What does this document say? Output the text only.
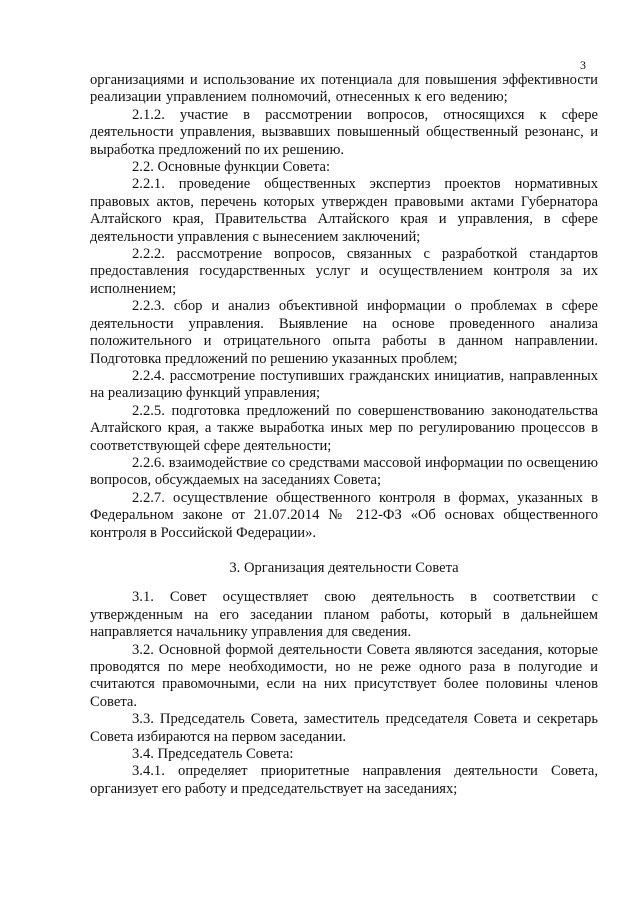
3

организациями и использование их потенциала для повышения эффективности реализации управлением полномочий, отнесенных к его ведению;

2.1.2. участие в рассмотрении вопросов, относящихся к сфере деятельности управления, вызвавших повышенный общественный резонанс, и выработка предложений по их решению.

2.2. Основные функции Совета:

2.2.1. проведение общественных экспертиз проектов нормативных правовых актов, перечень которых утвержден правовыми актами Губернатора Алтайского края, Правительства Алтайского края и управления, в сфере деятельности управления с вынесением заключений;

2.2.2. рассмотрение вопросов, связанных с разработкой стандартов предоставления государственных услуг и осуществлением контроля за их исполнением;

2.2.3. сбор и анализ объективной информации о проблемах в сфере деятельности управления. Выявление на основе проведенного анализа положительного и отрицательного опыта работы в данном направлении. Подготовка предложений по решению указанных проблем;

2.2.4. рассмотрение поступивших гражданских инициатив, направленных на реализацию функций управления;

2.2.5. подготовка предложений по совершенствованию законодательства Алтайского края, а также выработка иных мер по регулированию процессов в соответствующей сфере деятельности;

2.2.6. взаимодействие со средствами массовой информации по освещению вопросов, обсуждаемых на заседаниях Совета;

2.2.7. осуществление общественного контроля в формах, указанных в Федеральном законе от 21.07.2014 № 212-ФЗ «Об основах общественного контроля в Российской Федерации».

3. Организация деятельности Совета

3.1. Совет осуществляет свою деятельность в соответствии с утвержденным на его заседании планом работы, который в дальнейшем направляется начальнику управления для сведения.

3.2. Основной формой деятельности Совета являются заседания, которые проводятся по мере необходимости, но не реже одного раза в полугодие и считаются правомочными, если на них присутствует более половины членов Совета.

3.3. Председатель Совета, заместитель председателя Совета и секретарь Совета избираются на первом заседании.

3.4. Председатель Совета:

3.4.1. определяет приоритетные направления деятельности Совета, организует его работу и председательствует на заседаниях;
